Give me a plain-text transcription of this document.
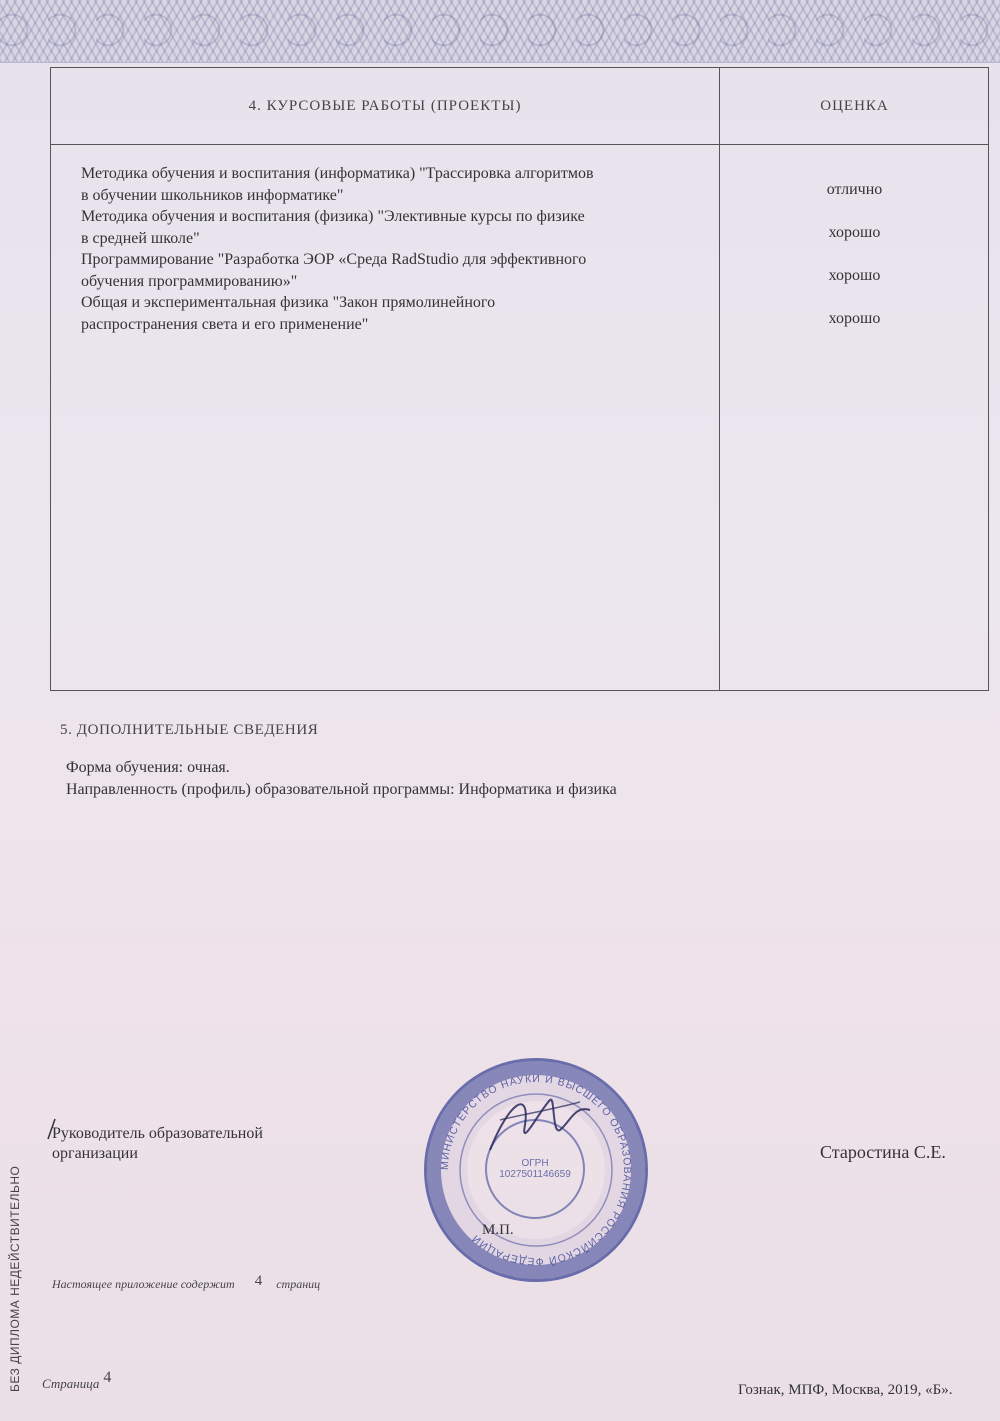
4. КУРСОВЫЕ РАБОТЫ (ПРОЕКТЫ)	ОЦЕНКА
Методика обучения и воспитания (информатика) "Трассировка алгоритмов
в обучении школьников информатике"
Методика обучения и воспитания (физика) "Элективные курсы по физике
в средней школе"
Программирование "Разработка ЭОР «Среда RadStudio для эффективного
обучения программированию»"
Общая и экспериментальная физика "Закон прямолинейного
распространения света и его применение"
отлично
хорошо
хорошо
хорошо
5. ДОПОЛНИТЕЛЬНЫЕ СВЕДЕНИЯ
Форма обучения: очная.
Направленность (профиль) образовательной программы: Информатика и физика
МИНИСТЕРСТВО НАУКИ И ВЫСШЕГО ОБРАЗОВАНИЯ РОССИЙСКОЙ ФЕДЕРАЦИИ
ОГРН 1027501146659
М.П.
Руководитель образовательной
организации	Старостина С.Е.
Настоящее приложение содержит 4 страниц
БЕЗ ДИПЛОМА НЕДЕЙСТВИТЕЛЬНО Страница 4
Гознак, МПФ, Москва, 2019, «Б».
